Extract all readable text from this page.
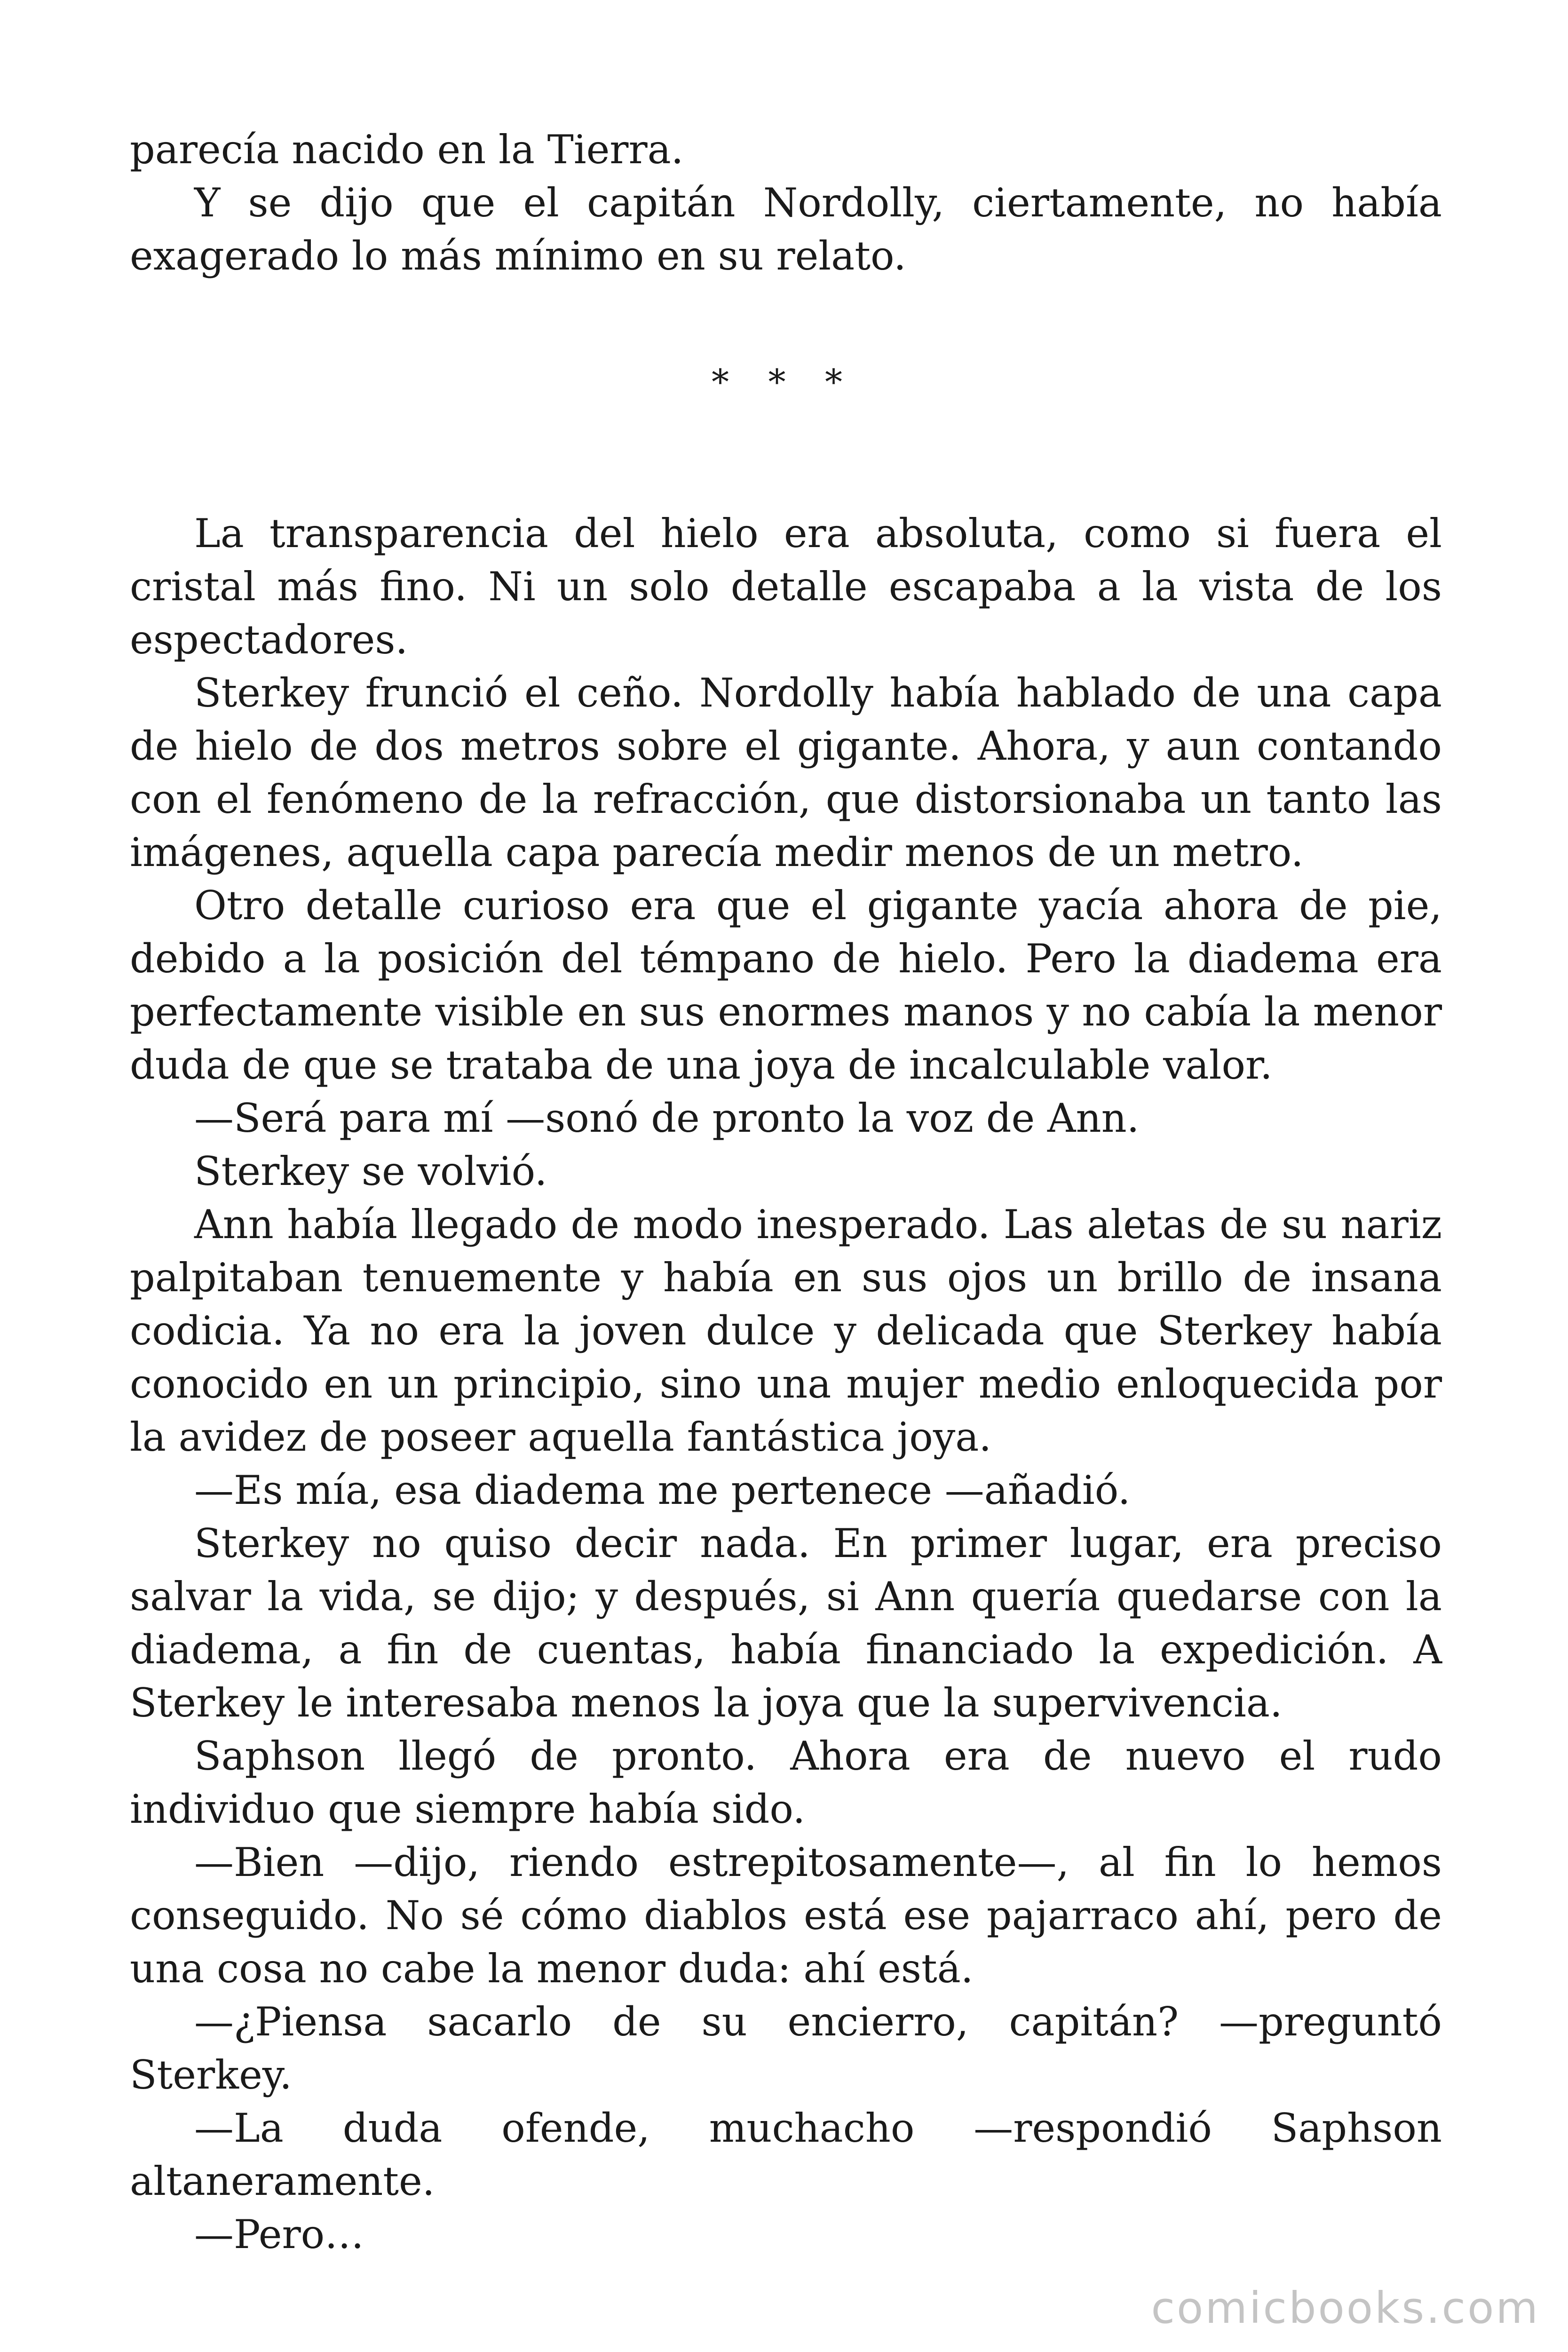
parecía nacido en la Tierra.

Y se dijo que el capitán Nordolly, ciertamente, no había exagerado lo más mínimo en su relato.

* * *

La transparencia del hielo era absoluta, como si fuera el cristal más fino. Ni un solo detalle escapaba a la vista de los espectadores.

Sterkey frunció el ceño. Nordolly había hablado de una capa de hielo de dos metros sobre el gigante. Ahora, y aun contando con el fenómeno de la refracción, que distorsionaba un tanto las imágenes, aquella capa parecía medir menos de un metro.

Otro detalle curioso era que el gigante yacía ahora de pie, debido a la posición del témpano de hielo. Pero la diadema era perfectamente visible en sus enormes manos y no cabía la menor duda de que se trataba de una joya de incalculable valor.

—Será para mí —sonó de pronto la voz de Ann.

Sterkey se volvió.

Ann había llegado de modo inesperado. Las aletas de su nariz palpitaban tenuemente y había en sus ojos un brillo de insana codicia. Ya no era la joven dulce y delicada que Sterkey había conocido en un principio, sino una mujer medio enloquecida por la avidez de poseer aquella fantástica joya.

—Es mía, esa diadema me pertenece —añadió.

Sterkey no quiso decir nada. En primer lugar, era preciso salvar la vida, se dijo; y después, si Ann quería quedarse con la diadema, a fin de cuentas, había financiado la expedición. A Sterkey le interesaba menos la joya que la supervivencia.

Saphson llegó de pronto. Ahora era de nuevo el rudo individuo que siempre había sido.

—Bien —dijo, riendo estrepitosamente—, al fin lo hemos conseguido. No sé cómo diablos está ese pajarraco ahí, pero de una cosa no cabe la menor duda: ahí está.

—¿Piensa sacarlo de su encierro, capitán? —preguntó Sterkey.

—La duda ofende, muchacho —respondió Saphson altaneramente.

—Pero…

comicbooks.com
